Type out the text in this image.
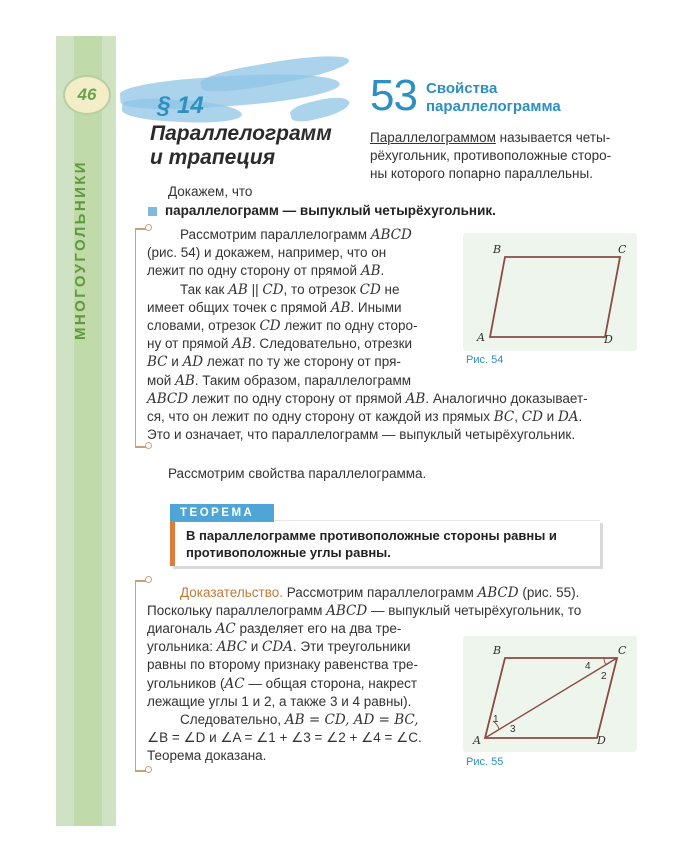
МНОГОУГОЛЬНИКИ
46	§ 14
Параллелограмм
и трапеция
53 Свойства
параллелограмма
Параллелограммом называется четы-
рёхугольник, противоположные сторо-
ны которого попарно параллельны.
Докажем, что
параллелограмм — выпуклый четырёхугольник.
Рассмотрим параллелограмм ABCD
(рис. 54) и докажем, например, что он
лежит по одну сторону от прямой AB.
Так как AB || CD, то отрезок CD не
имеет общих точек с прямой AB. Иными
словами, отрезок CD лежит по одну сторо-
ну от прямой AB. Следовательно, отрезки
BC и AD лежат по ту же сторону от пря-
мой AB. Таким образом, параллелограмм
ABCD лежит по одну сторону от прямой AB. Аналогично доказывает-
ся, что он лежит по одну сторону от каждой из прямых BC, CD и DA.
Это и означает, что параллелограмм — выпуклый четырёхугольник.
A
B	C
D
Рис. 54
Рассмотрим свойства параллелограмма.
ТЕОРЕМА
В параллелограмме противоположные стороны равны и
противоположные углы равны.
Доказательство. Рассмотрим параллелограмм ABCD (рис. 55).
Поскольку параллелограмм ABCD — выпуклый четырёхугольник, то
диагональ AC разделяет его на два тре-
угольника: ABC и CDA. Эти треугольники
равны по второму признаку равенства тре-
угольников (AC — общая сторона, накрест
лежащие углы 1 и 2, а также 3 и 4 равны).
Следовательно, AB = CD, AD = BC,
∠B = ∠D и ∠A = ∠1 + ∠3 = ∠2 + ∠4 = ∠C.
Теорема доказана.
A
B	C
D
1
2
3
4
Рис. 55
